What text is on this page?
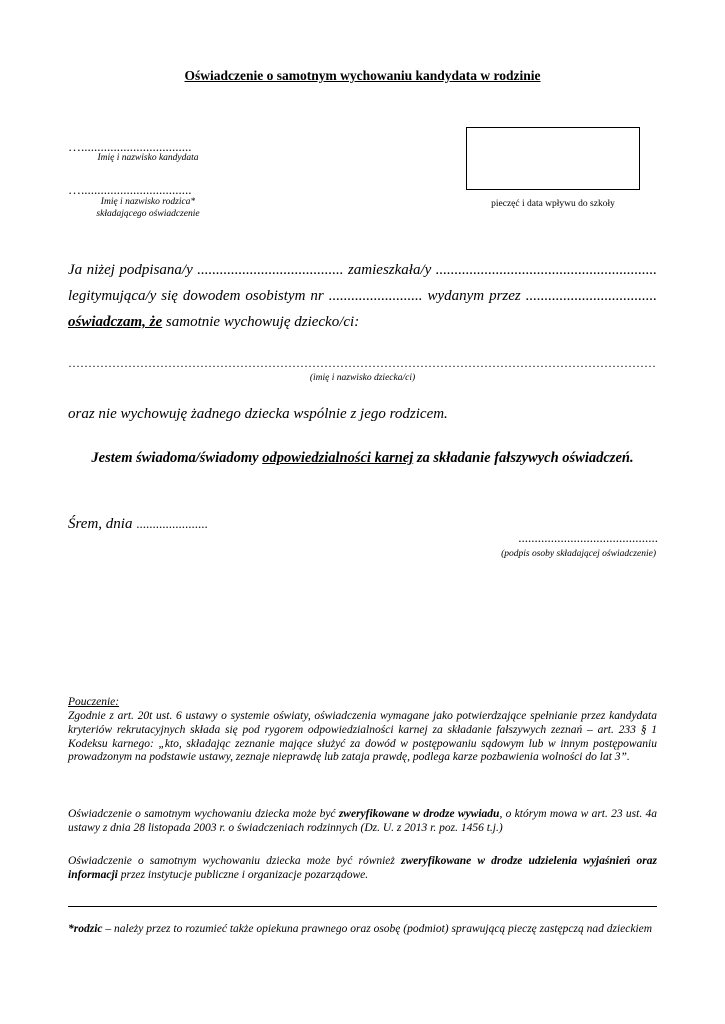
Oświadczenie o samotnym wychowaniu kandydata w rodzinie
…..................................
Imię i nazwisko kandydata
…..................................
Imię i nazwisko rodzica*
składającego oświadczenie
pieczęć i data wpływu do szkoły
Ja niżej podpisana/y ....................................... zamieszkała/y ...........................................................
legitymująca/y się dowodem osobistym nr ......................... wydanym przez ...................................
oświadczam, że samotnie wychowuję dziecko/ci:
…………………………………………………………………………………………………………………………………
(imię i nazwisko dziecka/ci)
oraz nie wychowuję żadnego dziecka wspólnie z jego rodzicem.
Jestem świadoma/świadomy odpowiedzialności karnej za składanie fałszywych oświadczeń.
Śrem, dnia ......................
...........................................
(podpis osoby składającej oświadczenie)
Pouczenie:
Zgodnie z art. 20t ust. 6 ustawy o systemie oświaty, oświadczenia wymagane jako potwierdzające spełnianie przez kandydata kryteriów rekrutacyjnych składa się pod rygorem odpowiedzialności karnej za składanie fałszywych zeznań – art. 233 § 1 Kodeksu karnego: „kto, składając zeznanie mające służyć za dowód w postępowaniu sądowym lub w innym postępowaniu prowadzonym na podstawie ustawy, zeznaje nieprawdę lub zataja prawdę, podlega karze pozbawienia wolności do lat 3”.
Oświadczenie o samotnym wychowaniu dziecka może być zweryfikowane w drodze wywiadu, o którym mowa w art. 23 ust. 4a ustawy z dnia 28 listopada 2003 r. o świadczeniach rodzinnych (Dz. U. z 2013 r. poz. 1456 t.j.)
Oświadczenie o samotnym wychowaniu dziecka może być również zweryfikowane w drodze udzielenia wyjaśnień oraz informacji przez instytucje publiczne i organizacje pozarządowe.
*rodzic – należy przez to rozumieć także opiekuna prawnego oraz osobę (podmiot) sprawującą pieczę zastępczą nad dzieckiem
